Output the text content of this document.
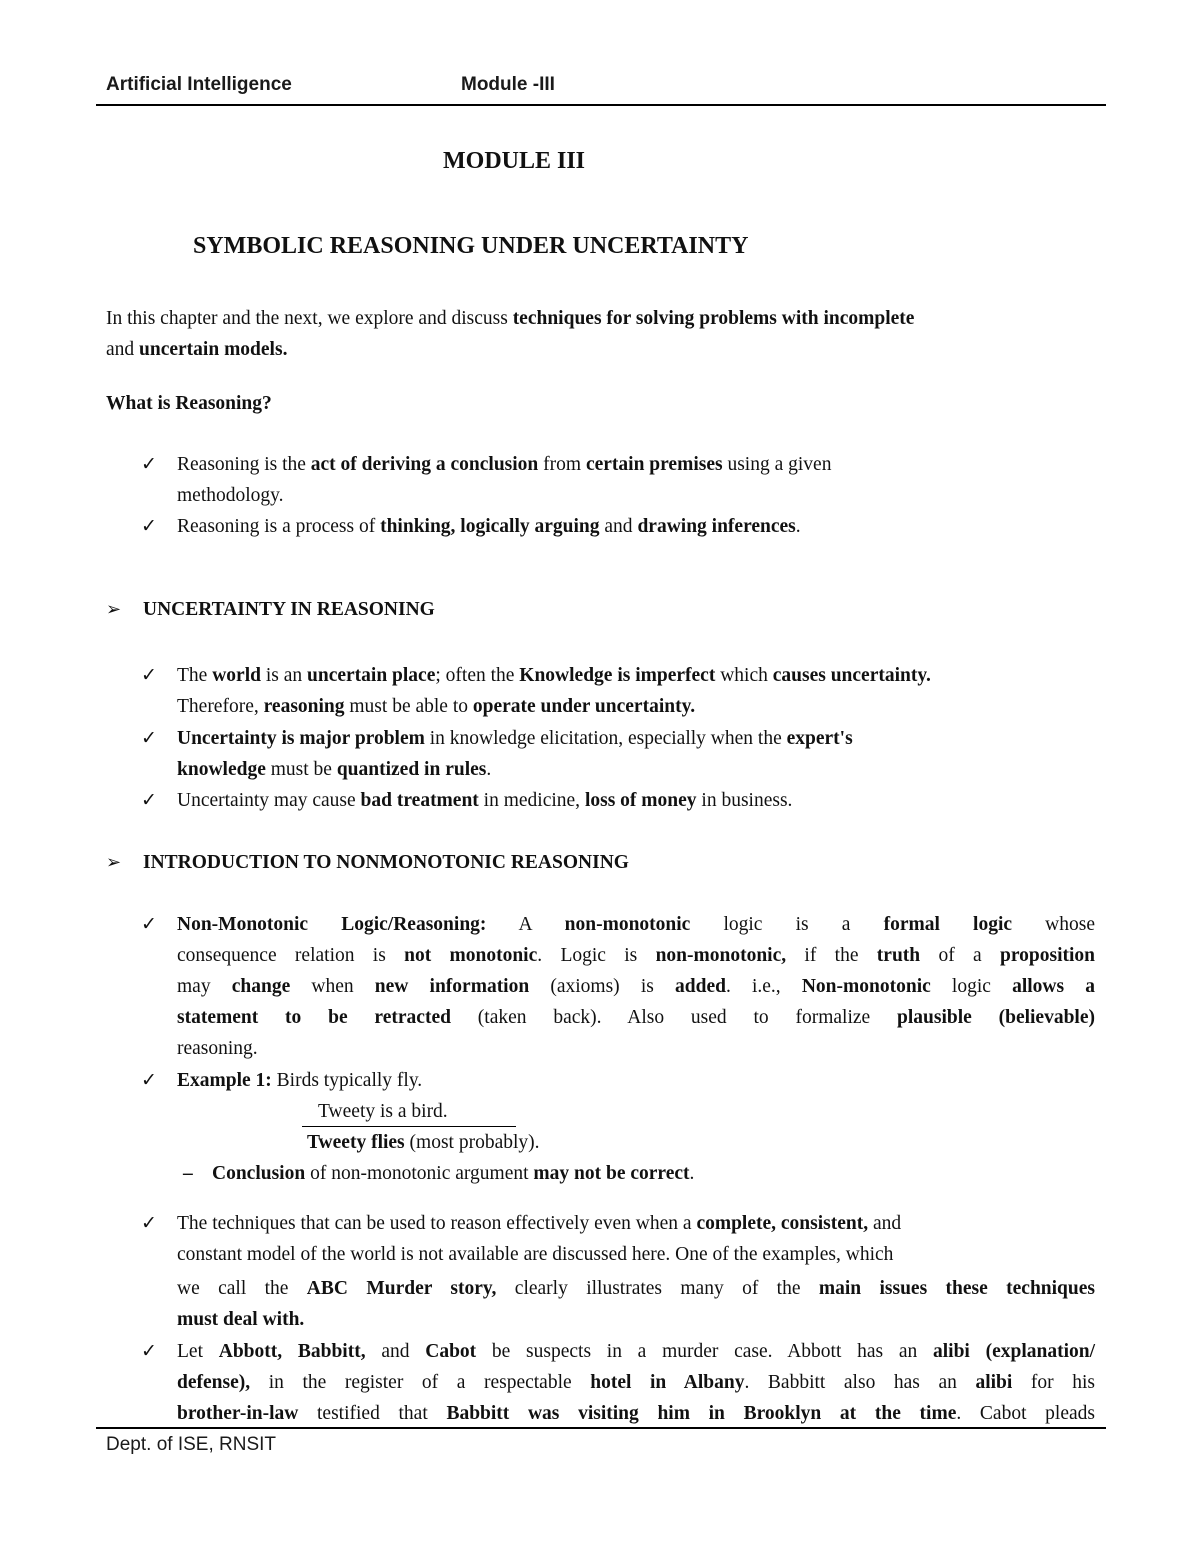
Artificial Intelligence	Module -III
MODULE III
SYMBOLIC REASONING UNDER UNCERTAINTY
In this chapter and the next, we explore and discuss techniques for solving problems with incomplete
and uncertain models.
What is Reasoning?
✓ Reasoning is the act of deriving a conclusion from certain premises using a given
methodology.
✓ Reasoning is a process of thinking, logically arguing and drawing inferences.
➢ UNCERTAINTY IN REASONING
✓ The world is an uncertain place; often the Knowledge is imperfect which causes uncertainty.
Therefore, reasoning must be able to operate under uncertainty.
✓ Uncertainty is major problem in knowledge elicitation, especially when the expert's
knowledge must be quantized in rules.
✓ Uncertainty may cause bad treatment in medicine, loss of money in business.
➢ INTRODUCTION TO NONMONOTONIC REASONING
✓ Non-Monotonic Logic/Reasoning: A non-monotonic logic is a formal logic whose
consequence relation is not monotonic. Logic is non-monotonic, if the truth of a proposition
may change when new information (axioms) is added. i.e., Non-monotonic logic allows a
statement to be retracted (taken back). Also used to formalize plausible (believable)
reasoning.
✓ Example 1: Birds typically fly.
Tweety is a bird.
Tweety flies (most probably).
– Conclusion of non-monotonic argument may not be correct.
✓ The techniques that can be used to reason effectively even when a complete, consistent, and
constant model of the world is not available are discussed here. One of the examples, which
we call the ABC Murder story, clearly illustrates many of the main issues these techniques
must deal with.
✓ Let Abbott, Babbitt, and Cabot be suspects in a murder case. Abbott has an alibi (explanation/
defense), in the register of a respectable hotel in Albany. Babbitt also has an alibi for his
brother-in-law testified that Babbitt was visiting him in Brooklyn at the time. Cabot pleads
Dept. of ISE, RNSIT
